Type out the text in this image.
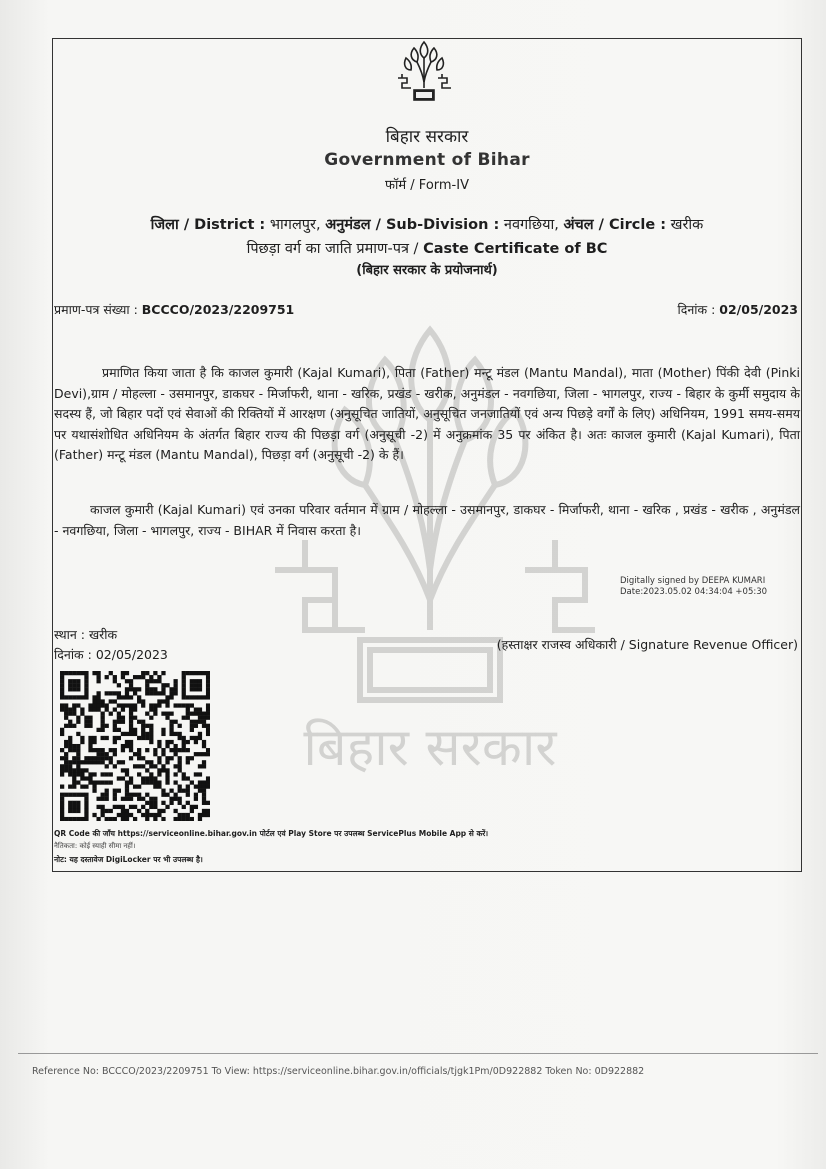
बिहार सरकार
बिहार सरकार
Government of Bihar
फॉर्म / Form-IV
जिला / District : भागलपुर, अनुमंडल / Sub-Division : नवगछिया, अंचल / Circle : खरीक
पिछड़ा वर्ग का जाति प्रमाण-पत्र / Caste Certificate of BC
(बिहार सरकार के प्रयोजनार्थ)
प्रमाण-पत्र संख्या : BCCCO/2023/2209751	दिनांक : 02/05/2023
प्रमाणित किया जाता है कि काजल कुमारी (Kajal Kumari), पिता (Father) मन्टू मंडल (Mantu Mandal), माता (Mother) पिंकी देवी (Pinki Devi),ग्राम / मोहल्ला - उसमानपुर, डाकघर - मिर्जाफरी, थाना - खरिक, प्रखंड - खरीक, अनुमंडल - नवगछिया, जिला - भागलपुर, राज्य - बिहार के कुर्मी समुदाय के सदस्य हैं, जो बिहार पदों एवं सेवाओं की रिक्तियों में आरक्षण (अनुसूचित जातियों, अनुसूचित जनजातियों एवं अन्य पिछड़े वर्गों के लिए) अधिनियम, 1991 समय-समय पर यथासंशोधित अधिनियम के अंतर्गत बिहार राज्य की पिछड़ा वर्ग (अनुसूची -2) में अनुक्रमांक 35 पर अंकित है। अतः काजल कुमारी (Kajal Kumari), पिता (Father) मन्टू मंडल (Mantu Mandal), पिछड़ा वर्ग (अनुसूची -2) के हैं।
काजल कुमारी (Kajal Kumari) एवं उनका परिवार वर्तमान में ग्राम / मोहल्ला - उसमानपुर, डाकघर - मिर्जाफरी, थाना - खरिक , प्रखंड - खरीक , अनुमंडल - नवगछिया, जिला - भागलपुर, राज्य - BIHAR में निवास करता है।
Digitally signed by DEEPA KUMARI
Date:2023.05.02 04:34:04 +05:30
(हस्ताक्षर राजस्व अधिकारी / Signature Revenue Officer)
स्थान : खरीक
दिनांक : 02/05/2023
QR Code की जाँच https://serviceonline.bihar.gov.in पोर्टल एवं Play Store पर उपलब्ध ServicePlus Mobile App से करें।
नैतिकता: कोई स्याही सीमा नहीं।
नोट: यह दस्तावेज DigiLocker पर भी उपलब्ध है।
Reference No: BCCCO/2023/2209751 To View: https://serviceonline.bihar.gov.in/officials/tjgk1Pm/0D922882 Token No: 0D922882
